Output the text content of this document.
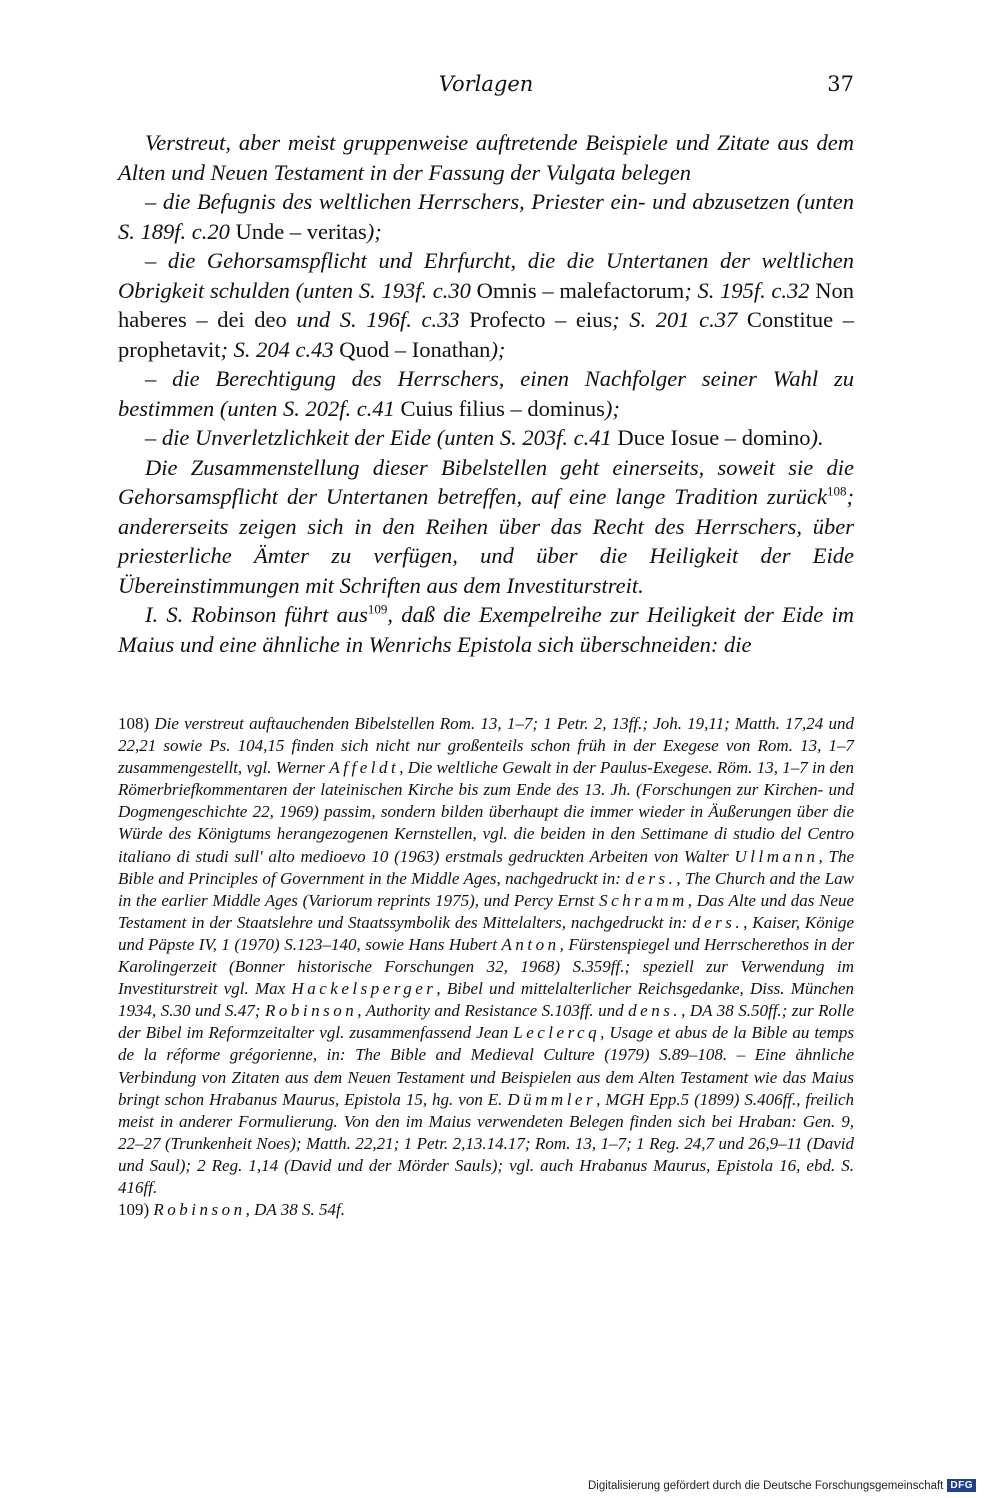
Vorlagen	37

Verstreut, aber meist gruppenweise auftretende Beispiele und Zitate aus dem Alten und Neuen Testament in der Fassung der Vulgata belegen

– die Befugnis des weltlichen Herrschers, Priester ein- und abzusetzen (unten S. 189f. c.20 Unde – veritas);

– die Gehorsamspflicht und Ehrfurcht, die die Untertanen der weltlichen Obrigkeit schulden (unten S. 193f. c.30 Omnis – malefactorum; S. 195f. c.32 Non haberes – dei deo und S. 196f. c.33 Profecto – eius; S. 201 c.37 Constitue – prophetavit; S. 204 c.43 Quod – Ionathan);

– die Berechtigung des Herrschers, einen Nachfolger seiner Wahl zu bestimmen (unten S. 202f. c.41 Cuius filius – dominus);

– die Unverletzlichkeit der Eide (unten S. 203f. c.41 Duce Iosue – domino).

Die Zusammenstellung dieser Bibelstellen geht einerseits, soweit sie die Gehorsamspflicht der Untertanen betreffen, auf eine lange Tradition zurück$^{108}$; andererseits zeigen sich in den Reihen über das Recht des Herrschers, über priesterliche Ämter zu verfügen, und über die Heiligkeit der Eide Übereinstimmungen mit Schriften aus dem Investiturstreit.

I. S. Robinson führt aus$^{109}$, daß die Exempelreihe zur Heiligkeit der Eide im Maius und eine ähnliche in Wenrichs Epistola sich überschneiden: die

108) Die verstreut auftauchenden Bibelstellen Rom. 13, 1–7; 1 Petr. 2, 13ff.; Joh. 19,11; Matth. 17,24 und 22,21 sowie Ps. 104,15 finden sich nicht nur großenteils schon früh in der Exegese von Rom. 13, 1–7 zusammengestellt, vgl. Werner Affeldt, Die weltliche Gewalt in der Paulus-Exegese. Röm. 13, 1–7 in den Römerbriefkommentaren der lateinischen Kirche bis zum Ende des 13. Jh. (Forschungen zur Kirchen- und Dogmengeschichte 22, 1969) passim, sondern bilden überhaupt die immer wieder in Äußerungen über die Würde des Königtums herangezogenen Kernstellen, vgl. die beiden in den Settimane di studio del Centro italiano di studi sull' alto medioevo 10 (1963) erstmals gedruckten Arbeiten von Walter Ullmann, The Bible and Principles of Government in the Middle Ages, nachgedruckt in: ders., The Church and the Law in the earlier Middle Ages (Variorum reprints 1975), und Percy Ernst Schramm, Das Alte und das Neue Testament in der Staatslehre und Staatssymbolik des Mittelalters, nachgedruckt in: ders., Kaiser, Könige und Päpste IV, 1 (1970) S.123–140, sowie Hans Hubert Anton, Fürstenspiegel und Herrscherethos in der Karolingerzeit (Bonner historische Forschungen 32, 1968) S.359ff.; speziell zur Verwendung im Investiturstreit vgl. Max Hackelsperger, Bibel und mittelalterlicher Reichsgedanke, Diss. München 1934, S.30 und S.47; Robinson, Authority and Resistance S.103ff. und dens., DA 38 S.50ff.; zur Rolle der Bibel im Reformzeitalter vgl. zusammenfassend Jean Leclercq, Usage et abus de la Bible au temps de la réforme grégorienne, in: The Bible and Medieval Culture (1979) S.89–108. – Eine ähnliche Verbindung von Zitaten aus dem Neuen Testament und Beispielen aus dem Alten Testament wie das Maius bringt schon Hrabanus Maurus, Epistola 15, hg. von E. Dümmler, MGH Epp.5 (1899) S.406ff., freilich meist in anderer Formulierung. Von den im Maius verwendeten Belegen finden sich bei Hraban: Gen. 9, 22–27 (Trunkenheit Noes); Matth. 22,21; 1 Petr. 2,13.14.17; Rom. 13, 1–7; 1 Reg. 24,7 und 26,9–11 (David und Saul); 2 Reg. 1,14 (David und der Mörder Sauls); vgl. auch Hrabanus Maurus, Epistola 16, ebd. S. 416ff.

109) Robinson, DA 38 S. 54f.

Digitalisierung gefördert durch die Deutsche Forschungsgemeinschaft DFG
